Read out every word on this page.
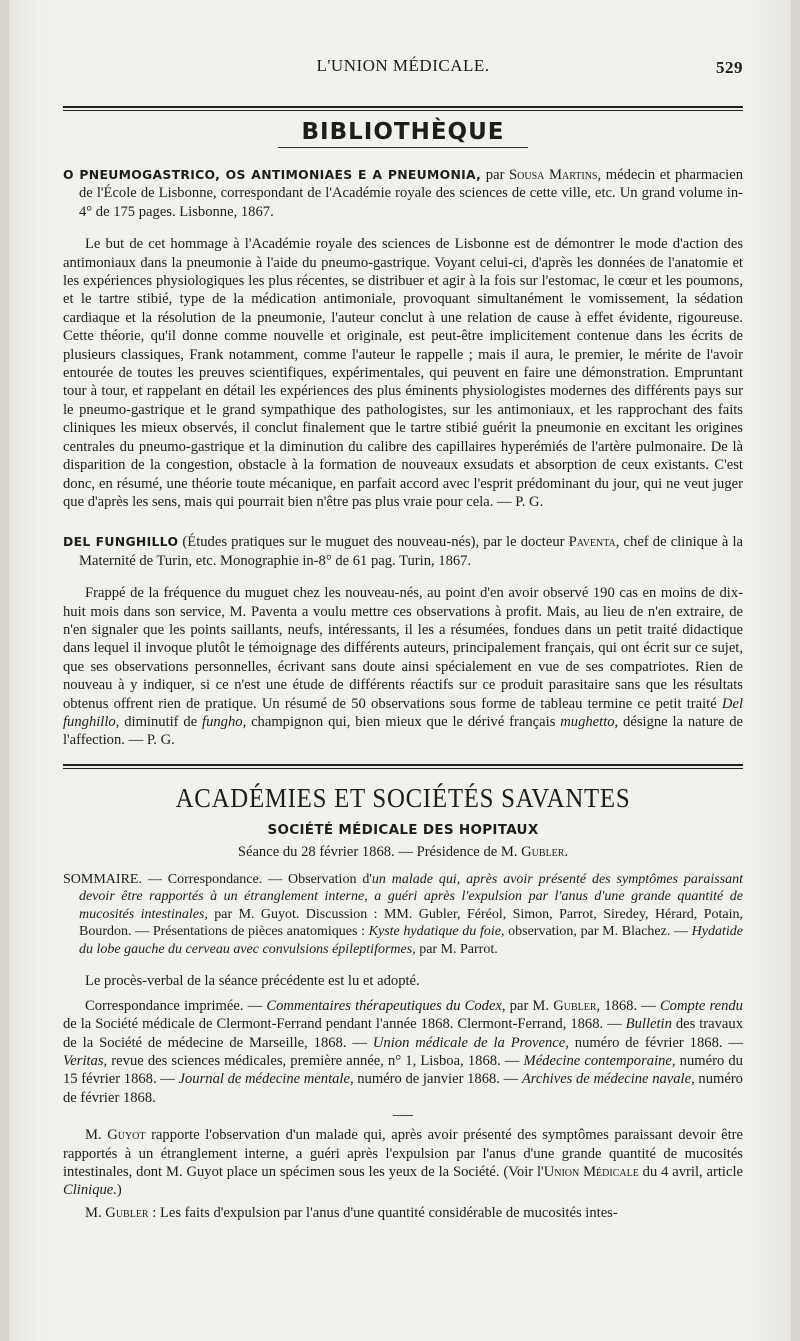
L'UNION MÉDICALE.	529
BIBLIOTHÈQUE

O PNEUMOGASTRICO, OS ANTIMONIAES E A PNEUMONIA, par Sousa Martins, médecin et pharmacien de l'École de Lisbonne, correspondant de l'Académie royale des sciences de cette ville, etc. Un grand volume in-4° de 175 pages. Lisbonne, 1867.

Le but de cet hommage à l'Académie royale des sciences de Lisbonne est de démontrer le mode d'action des antimoniaux dans la pneumonie à l'aide du pneumo-gastrique. Voyant celui-ci, d'après les données de l'anatomie et les expériences physiologiques les plus récentes, se distribuer et agir à la fois sur l'estomac, le cœur et les poumons, et le tartre stibié, type de la médication antimoniale, provoquant simultanément le vomissement, la sédation cardiaque et la résolution de la pneumonie, l'auteur conclut à une relation de cause à effet évidente, rigoureuse. Cette théorie, qu'il donne comme nouvelle et originale, est peut-être implicitement contenue dans les écrits de plusieurs classiques, Frank notamment, comme l'auteur le rappelle ; mais il aura, le premier, le mérite de l'avoir entourée de toutes les preuves scientifiques, expérimentales, qui peuvent en faire une démonstration. Empruntant tour à tour, et rappelant en détail les expériences des plus éminents physiologistes modernes des différents pays sur le pneumo-gastrique et le grand sympathique des pathologistes, sur les antimoniaux, et les rapprochant des faits cliniques les mieux observés, il conclut finalement que le tartre stibié guérit la pneumonie en excitant les origines centrales du pneumo-gastrique et la diminution du calibre des capillaires hyperémiés de l'artère pulmonaire. De là disparition de la congestion, obstacle à la formation de nouveaux exsudats et absorption de ceux existants. C'est donc, en résumé, une théorie toute mécanique, en parfait accord avec l'esprit prédominant du jour, qui ne veut juger que d'après les sens, mais qui pourrait bien n'être pas plus vraie pour cela. — P. G.

DEL FUNGHILLO (Études pratiques sur le muguet des nouveau-nés), par le docteur Paventa, chef de clinique à la Maternité de Turin, etc. Monographie in-8° de 61 pag. Turin, 1867.

Frappé de la fréquence du muguet chez les nouveau-nés, au point d'en avoir observé 190 cas en moins de dix-huit mois dans son service, M. Paventa a voulu mettre ces observations à profit. Mais, au lieu de n'en extraire, de n'en signaler que les points saillants, neufs, intéressants, il les a résumées, fondues dans un petit traité didactique dans lequel il invoque plutôt le témoignage des différents auteurs, principalement français, qui ont écrit sur ce sujet, que ses observations personnelles, écrivant sans doute ainsi spécialement en vue de ses compatriotes. Rien de nouveau à y indiquer, si ce n'est une étude de différents réactifs sur ce produit parasitaire sans que les résultats obtenus offrent rien de pratique. Un résumé de 50 observations sous forme de tableau termine ce petit traité Del funghillo, diminutif de fungho, champignon qui, bien mieux que le dérivé français mughetto, désigne la nature de l'affection. — P. G.

ACADÉMIES ET SOCIÉTÉS SAVANTES
SOCIÉTÉ MÉDICALE DES HOPITAUX
Séance du 28 février 1868. — Présidence de M. Gubler.

SOMMAIRE. — Correspondance. — Observation d'un malade qui, après avoir présenté des symptômes paraissant devoir être rapportés à un étranglement interne, a guéri après l'expulsion par l'anus d'une grande quantité de mucosités intestinales, par M. Guyot. Discussion : MM. Gubler, Féréol, Simon, Parrot, Siredey, Hérard, Potain, Bourdon. — Présentations de pièces anatomiques : Kyste hydatique du foie, observation, par M. Blachez. — Hydatide du lobe gauche du cerveau avec convulsions épileptiformes, par M. Parrot.

Le procès-verbal de la séance précédente est lu et adopté.

Correspondance imprimée. — Commentaires thérapeutiques du Codex, par M. Gubler, 1868. — Compte rendu de la Société médicale de Clermont-Ferrand pendant l'année 1868. Clermont-Ferrand, 1868. — Bulletin des travaux de la Société de médecine de Marseille, 1868. — Union médicale de la Provence, numéro de février 1868. — Veritas, revue des sciences médicales, première année, n° 1, Lisboa, 1868. — Médecine contemporaine, numéro du 15 février 1868. — Journal de médecine mentale, numéro de janvier 1868. — Archives de médecine navale, numéro de février 1868.

M. Guyot rapporte l'observation d'un malade qui, après avoir présenté des symptômes paraissant devoir être rapportés à un étranglement interne, a guéri après l'expulsion par l'anus d'une grande quantité de mucosités intestinales, dont M. Guyot place un spécimen sous les yeux de la Société. (Voir l'Union Médicale du 4 avril, article Clinique.)

M. Gubler : Les faits d'expulsion par l'anus d'une quantité considérable de mucosités intes-
